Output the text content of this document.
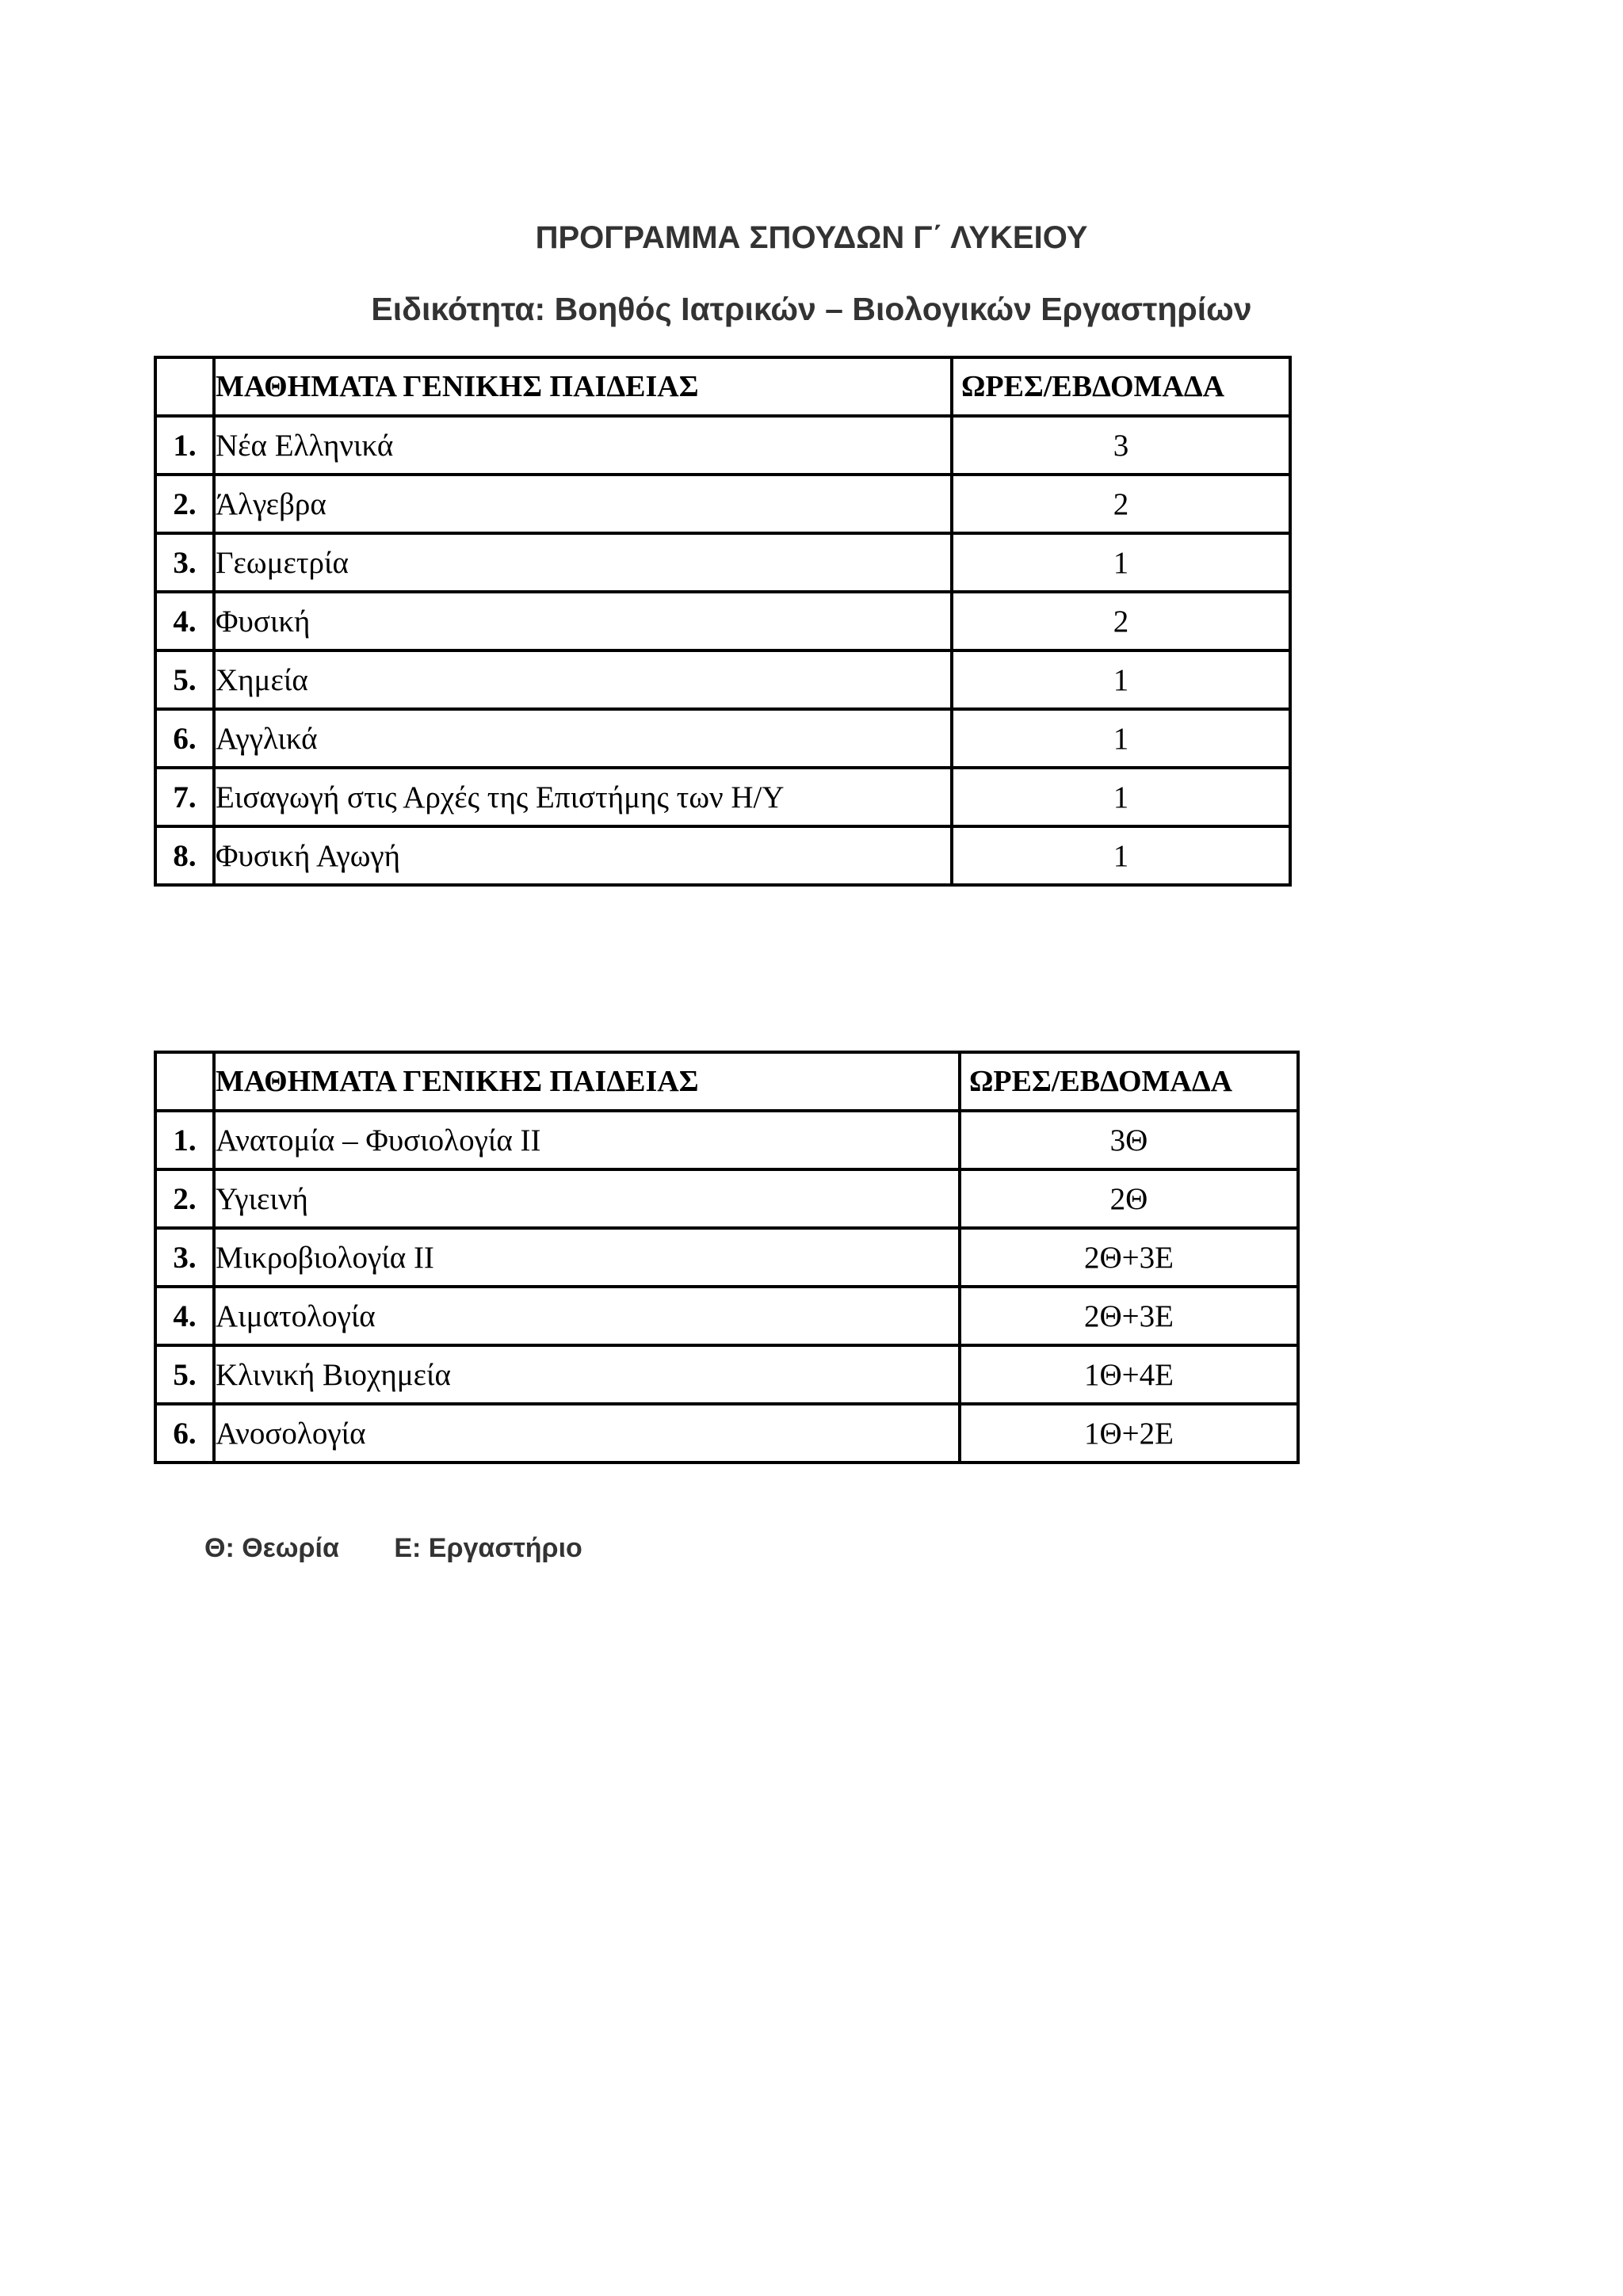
ΠΡΟΓΡΑΜΜΑ ΣΠΟΥΔΩΝ Γ΄ ΛΥΚΕΙΟΥ
Ειδικότητα: Βοηθός Ιατρικών – Βιολογικών Εργαστηρίων
	ΜΑΘΗΜΑΤΑ ΓΕΝΙΚΗΣ ΠΑΙΔΕΙΑΣ	ΩΡΕΣ/ΕΒΔΟΜΑΔΑ
1.	Νέα Ελληνικά	3
2.	Άλγεβρα	2
3.	Γεωμετρία	1
4.	Φυσική	2
5.	Χημεία	1
6.	Αγγλικά	1
7.	Εισαγωγή στις Αρχές της Επιστήμης των Η/Υ	1
8.	Φυσική Αγωγή	1
	ΜΑΘΗΜΑΤΑ ΓΕΝΙΚΗΣ ΠΑΙΔΕΙΑΣ	ΩΡΕΣ/ΕΒΔΟΜΑΔΑ
1.	Ανατομία – Φυσιολογία ΙΙ	3Θ
2.	Υγιεινή	2Θ
3.	Μικροβιολογία ΙΙ	2Θ+3Ε
4.	Αιματολογία	2Θ+3Ε
5.	Κλινική Βιοχημεία	1Θ+4Ε
6.	Ανοσολογία	1Θ+2Ε
Θ: Θεωρία Ε: Εργαστήριο
